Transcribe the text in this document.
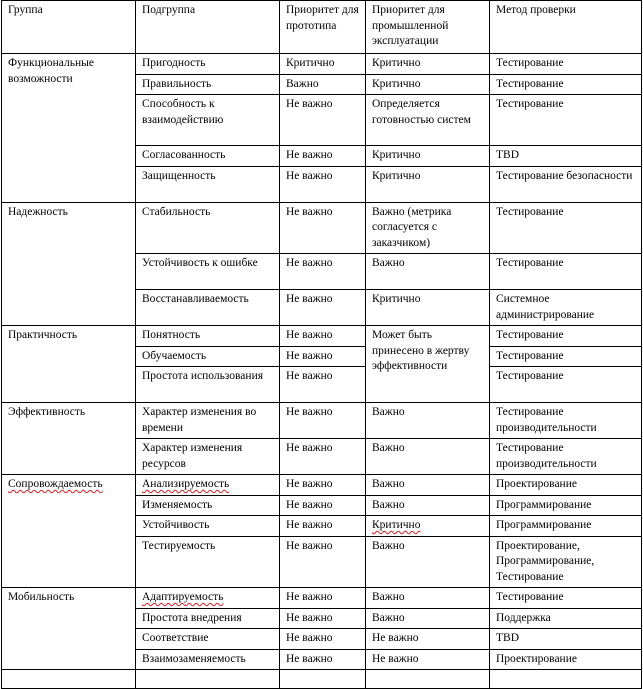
Группа	Подгруппа	Приоритет для прототипа	Приоритет для промышленной эксплуатации	Метод проверки
Функциональные возможности	Пригодность	Критично	Критично	Тестирование
	Правильность	Важно	Критично	Тестирование
	Способность к взаимодействию	Не важно	Определяется готовностью систем	Тестирование
	Согласованность	Не важно	Критично	TBD
	Защищенность	Не важно	Критично	Тестирование безопасности
Надежность	Стабильность	Не важно	Важно (метрика согласуется с заказчиком)	Тестирование
	Устойчивость к ошибке	Не важно	Важно	Тестирование
	Восстанавливаемость	Не важно	Критично	Системное администрирование
Практичность	Понятность	Не важно	Может быть принесено в жертву эффективности	Тестирование
	Обучаемость	Не важно		Тестирование
	Простота использования	Не важно		Тестирование
Эффективность	Характер изменения во времени	Не важно	Важно	Тестирование производительности
	Характер изменения ресурсов	Не важно	Важно	Тестирование производительности
Сопровождаемость	Анализируемость	Не важно	Важно	Проектирование
	Изменяемость	Не важно	Важно	Программирование
	Устойчивость	Не важно	Критично	Программирование
	Тестируемость	Не важно	Важно	Проектирование, Программирование, Тестирование
Мобильность	Адаптируемость	Не важно	Важно	Тестирование
	Простота внедрения	Не важно	Важно	Поддержка
	Соответствие	Не важно	Не важно	TBD
	Взаимозаменяемость	Не важно	Не важно	Проектирование
